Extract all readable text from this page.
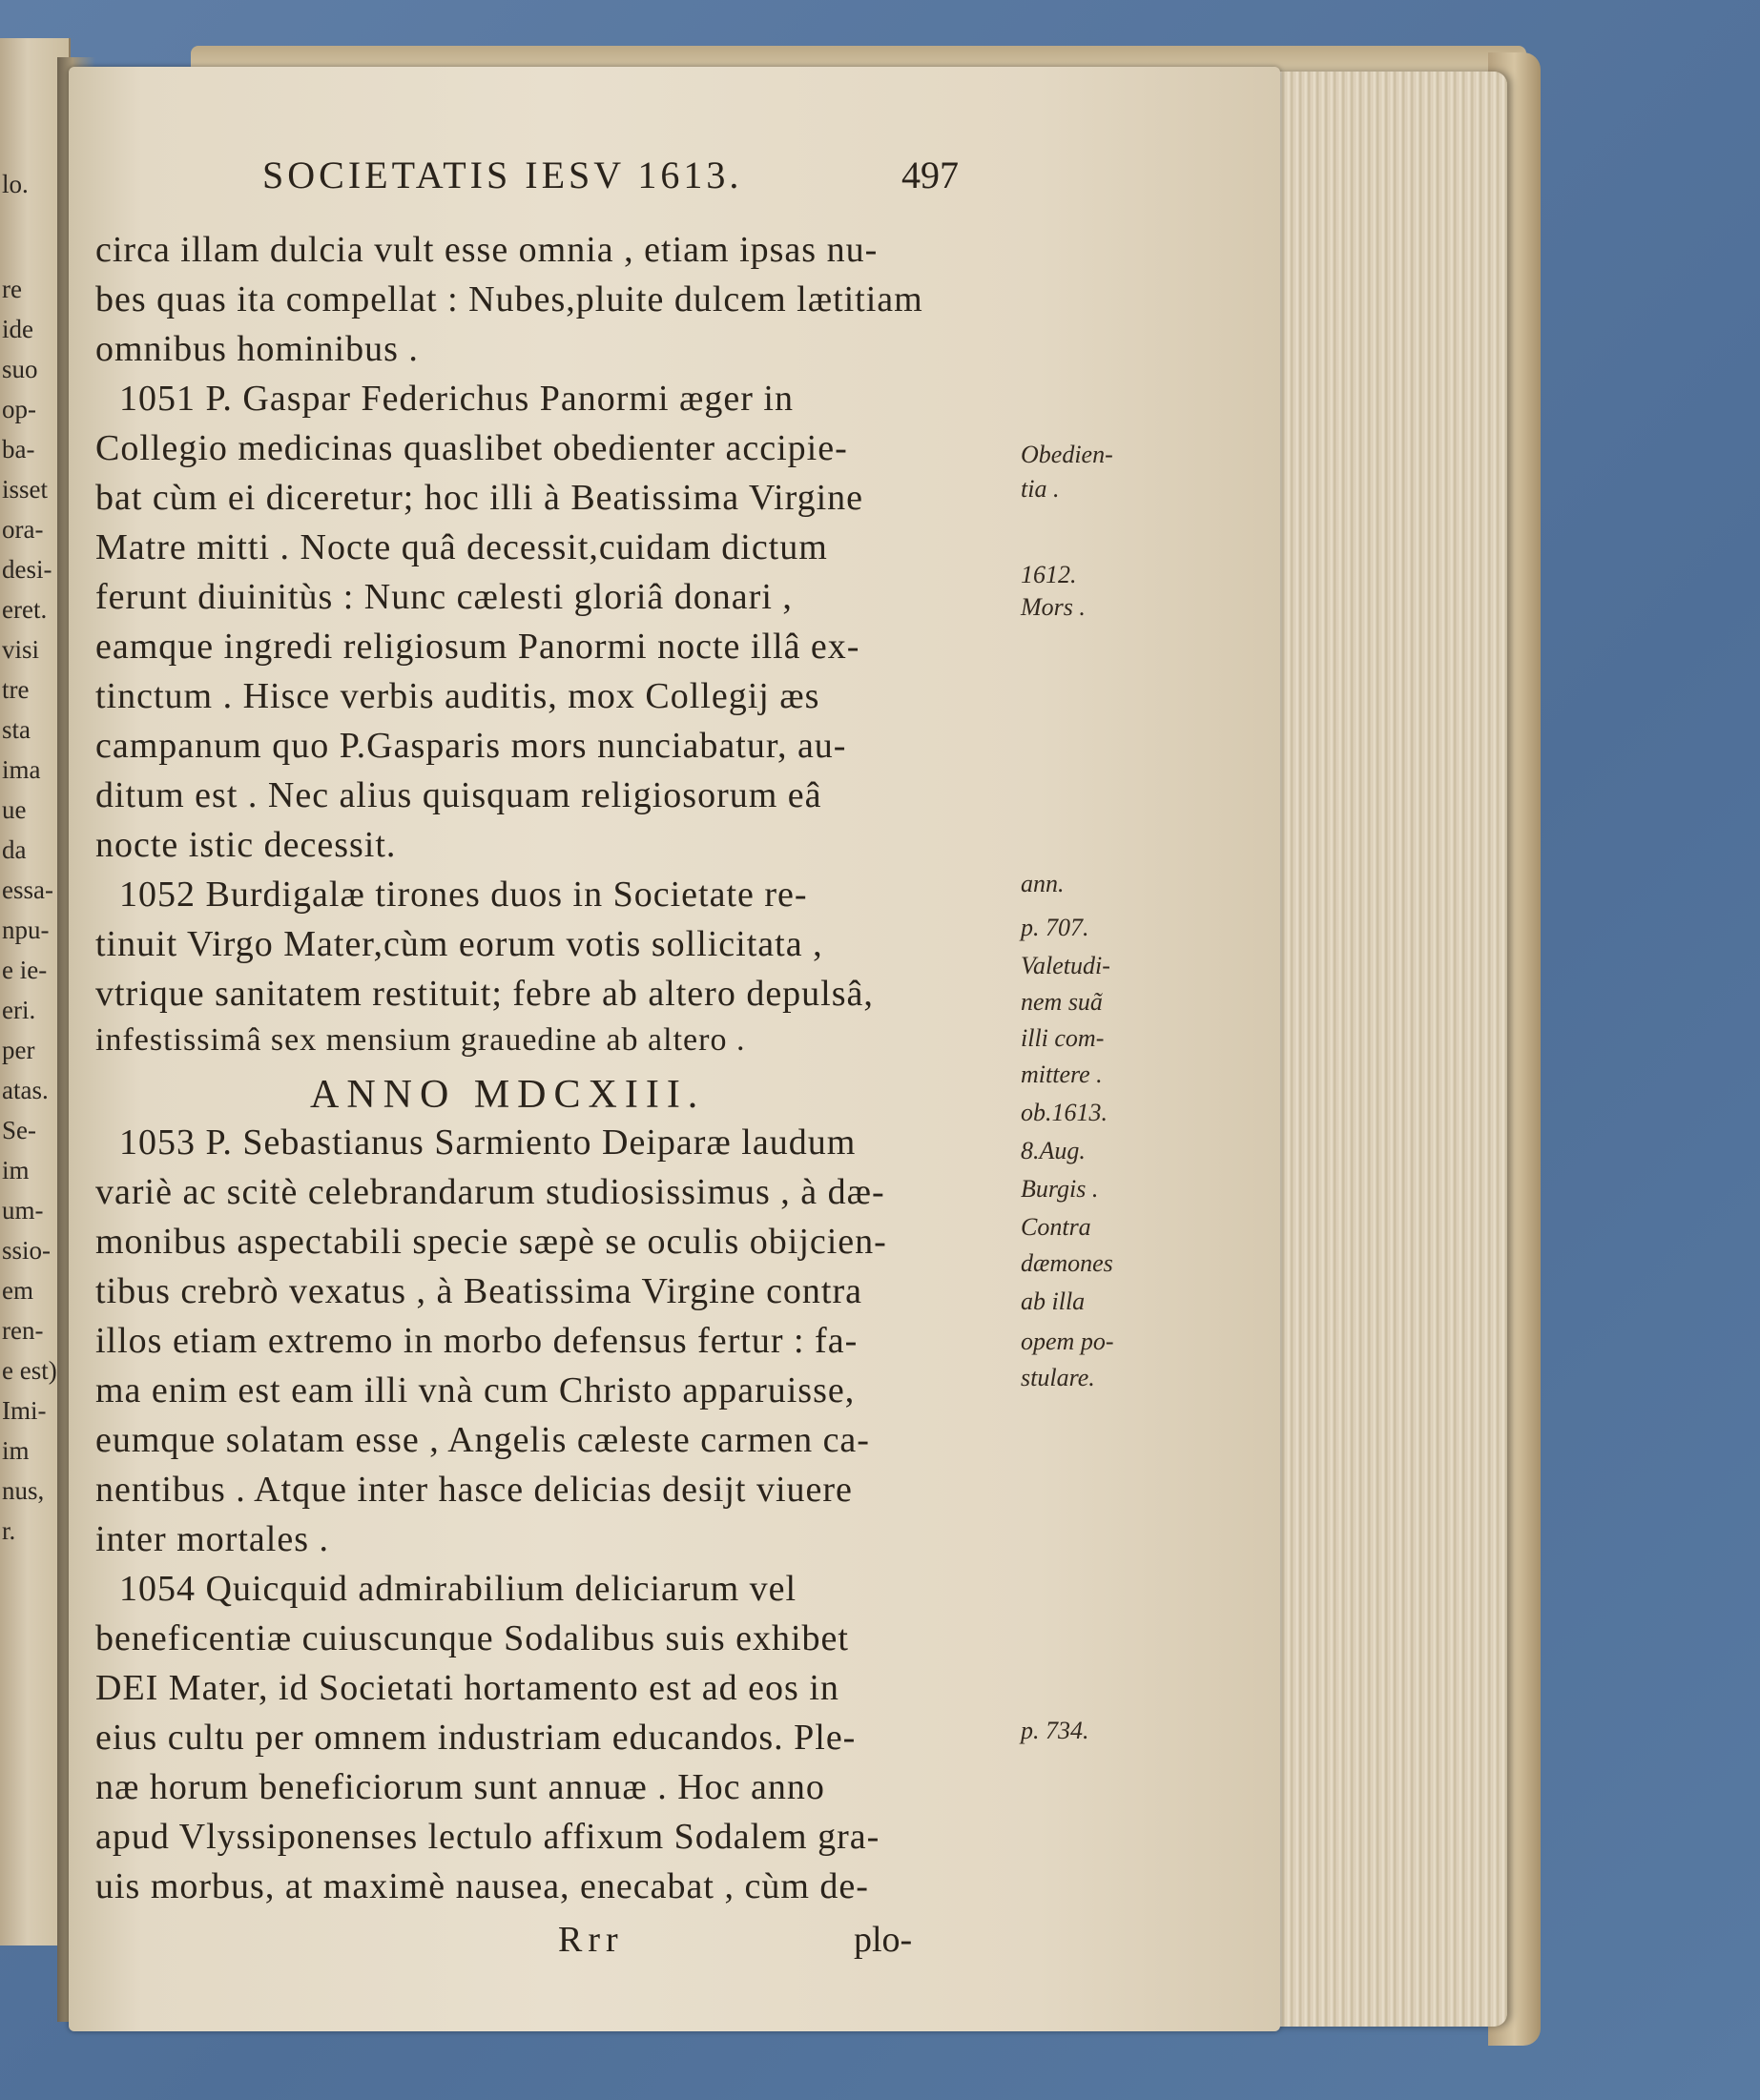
lo.
re
ide
suo
op-
ba-
isset
ora-
desi-
eret.
visi
tre
sta
ima
ue
da
essa-
npu-
e ie-
eri.
per
atas.
Se-
im
um-
ssio-
em
ren-
e est)
Imi-
im
nus,
r.
SOCIETATIS IESV 1613.	497
circa illam dulcia vult esse omnia , etiam ipsas nu-
bes quas ita compellat : Nubes,pluite dulcem lætitiam
omnibus hominibus .
1051 P. Gaspar Federichus Panormi æger in
Collegio medicinas quaslibet obedienter accipie-
bat cùm ei diceretur; hoc illi à Beatissima Virgine
Matre mitti . Nocte quâ decessit,cuidam dictum
ferunt diuinitùs : Nunc cælesti gloriâ donari ,
eamque ingredi religiosum Panormi nocte illâ ex-
tinctum . Hisce verbis auditis, mox Collegij æs
campanum quo P.Gasparis mors nunciabatur, au-
ditum est . Nec alius quisquam religiosorum eâ
nocte istic decessit.
1052 Burdigalæ tirones duos in Societate re-
tinuit Virgo Mater,cùm eorum votis sollicitata ,
vtrique sanitatem restituit; febre ab altero depulsâ,
infestissimâ sex mensium grauedine ab altero .
ANNO MDCXIII.
1053 P. Sebastianus Sarmiento Deiparæ laudum
variè ac scitè celebrandarum studiosissimus , à dæ-
monibus aspectabili specie sæpè se oculis obijcien-
tibus crebrò vexatus , à Beatissima Virgine contra
illos etiam extremo in morbo defensus fertur : fa-
ma enim est eam illi vnà cum Christo apparuisse,
eumque solatam esse , Angelis cæleste carmen ca-
nentibus . Atque inter hasce delicias desijt viuere
inter mortales .
1054 Quicquid admirabilium deliciarum vel
beneficentiæ cuiuscunque Sodalibus suis exhibet
DEI Mater, id Societati hortamento est ad eos in
eius cultu per omnem industriam educandos. Ple-
næ horum beneficiorum sunt annuæ . Hoc anno
apud Vlyssiponenses lectulo affixum Sodalem gra-
uis morbus, at maximè nausea, enecabat , cùm de-
Rrr	plo-
Obedien-
tia .
1612.
Mors .
ann.
p. 707.
Valetudi-
nem suã
illi com-
mittere .
ob.1613.
8.Aug.
Burgis .
Contra
dæmones
ab illa
opem po-
stulare.
p. 734.
